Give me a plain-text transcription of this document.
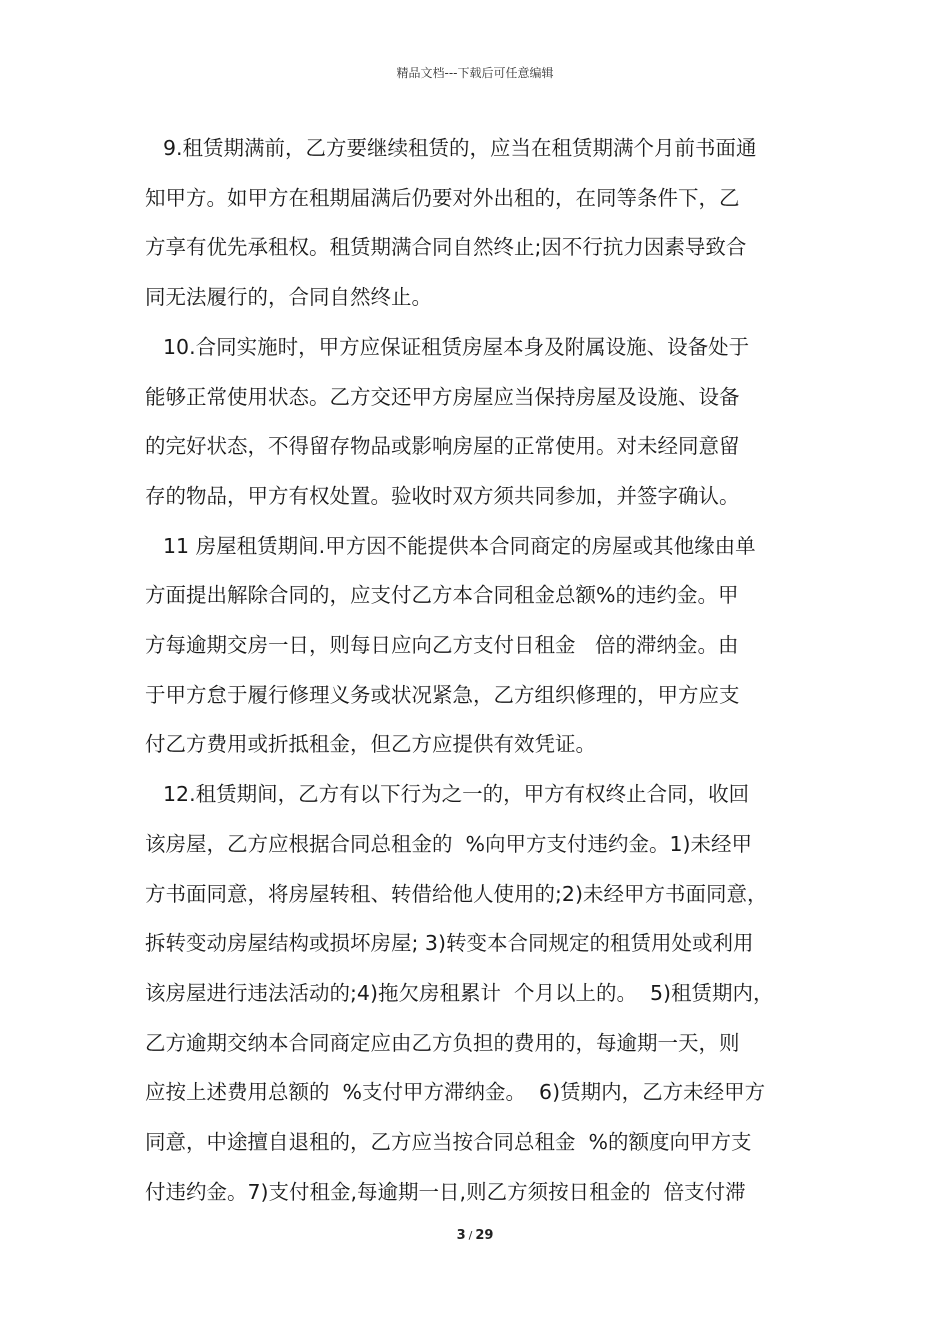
精品文档---下载后可任意编辑
9.租赁期满前，乙方要继续租赁的，应当在租赁期满个月前书面通
知甲方。如甲方在租期届满后仍要对外出租的，在同等条件下，乙
方享有优先承租权。租赁期满合同自然终止;因不行抗力因素导致合
同无法履行的，合同自然终止。
10.合同实施时，甲方应保证租赁房屋本身及附属设施、设备处于
能够正常使用状态。乙方交还甲方房屋应当保持房屋及设施、设备
的完好状态，不得留存物品或影响房屋的正常使用。对未经同意留
存的物品，甲方有权处置。验收时双方须共同参加，并签字确认。
11 房屋租赁期间.甲方因不能提供本合同商定的房屋或其他缘由单
方面提出解除合同的，应支付乙方本合同租金总额%的违约金。甲
方每逾期交房一日，则每日应向乙方支付日租金   倍的滞纳金。由
于甲方怠于履行修理义务或状况紧急，乙方组织修理的，甲方应支
付乙方费用或折抵租金，但乙方应提供有效凭证。
12.租赁期间，乙方有以下行为之一的，甲方有权终止合同，收回
该房屋，乙方应根据合同总租金的  %向甲方支付违约金。1)未经甲
方书面同意，将房屋转租、转借给他人使用的;2)未经甲方书面同意，
拆转变动房屋结构或损坏房屋; 3)转变本合同规定的租赁用处或利用
该房屋进行违法活动的;4)拖欠房租累计  个月以上的。  5)租赁期内，
乙方逾期交纳本合同商定应由乙方负担的费用的，每逾期一天，则
应按上述费用总额的  %支付甲方滞纳金。  6)赁期内，乙方未经甲方
同意，中途擅自退租的，乙方应当按合同总租金  %的额度向甲方支
付违约金。7)支付租金,每逾期一日,则乙方须按日租金的  倍支付滞
3 / 29
